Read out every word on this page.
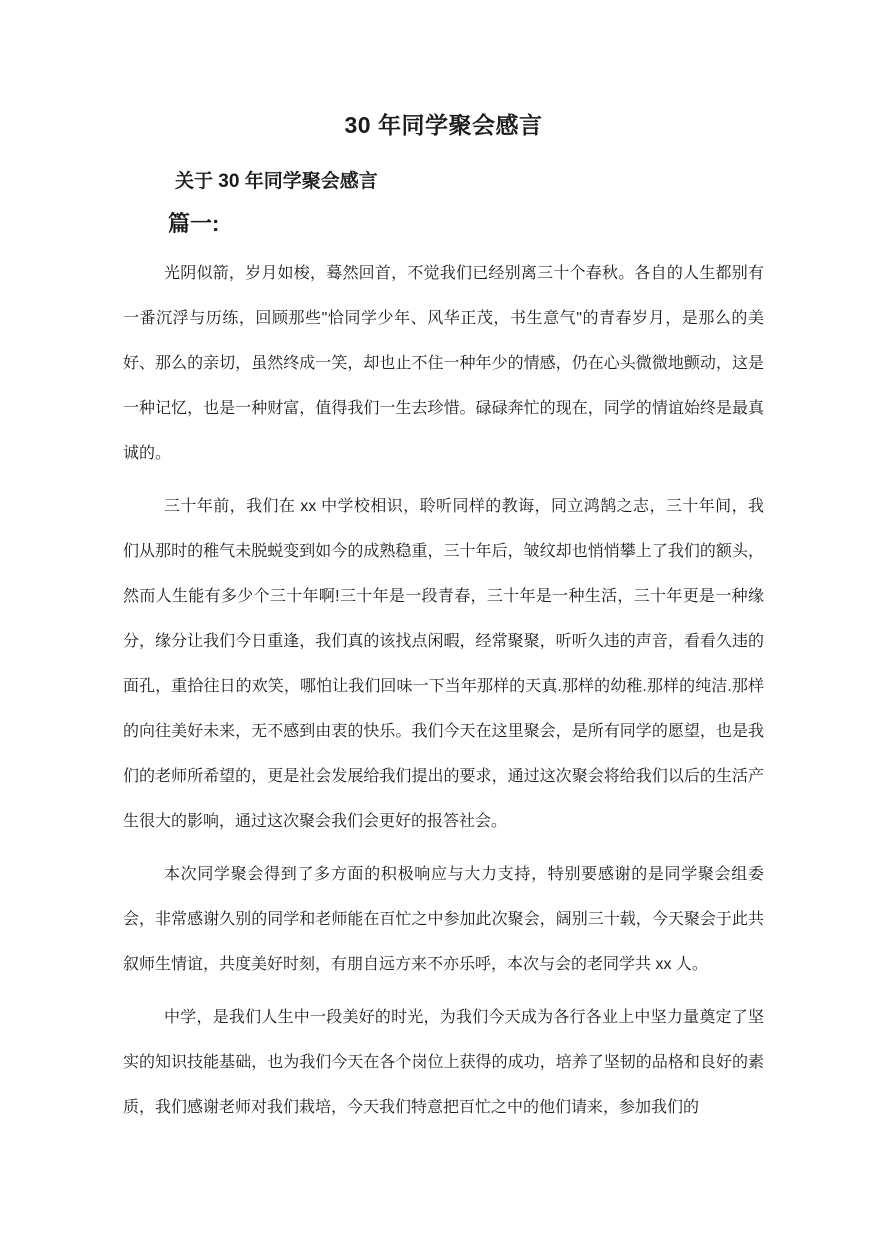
30 年同学聚会感言
关于 30 年同学聚会感言
篇一:

光阴似箭，岁月如梭，蓦然回首，不觉我们已经别离三十个春秋。各自的人生都别有一番沉浮与历练，回顾那些"恰同学少年、风华正茂，书生意气"的青春岁月，是那么的美好、那么的亲切，虽然终成一笑，却也止不住一种年少的情感，仍在心头微微地颤动，这是一种记忆，也是一种财富，值得我们一生去珍惜。碌碌奔忙的现在，同学的情谊始终是最真诚的。

三十年前，我们在 xx 中学校相识，聆听同样的教诲，同立鸿鹄之志，三十年间，我们从那时的稚气未脱蜕变到如今的成熟稳重，三十年后，皱纹却也悄悄攀上了我们的额头，然而人生能有多少个三十年啊!三十年是一段青春，三十年是一种生活，三十年更是一种缘分，缘分让我们今日重逢，我们真的该找点闲暇，经常聚聚，听听久违的声音，看看久违的面孔，重拾往日的欢笑，哪怕让我们回味一下当年那样的天真.那样的幼稚.那样的纯洁.那样的向往美好未来，无不感到由衷的快乐。我们今天在这里聚会，是所有同学的愿望，也是我们的老师所希望的，更是社会发展给我们提出的要求，通过这次聚会将给我们以后的生活产生很大的影响，通过这次聚会我们会更好的报答社会。

本次同学聚会得到了多方面的积极响应与大力支持，特别要感谢的是同学聚会组委会，非常感谢久别的同学和老师能在百忙之中参加此次聚会，阔别三十载，今天聚会于此共叙师生情谊，共度美好时刻，有朋自远方来不亦乐呼，本次与会的老同学共 xx 人。

中学，是我们人生中一段美好的时光，为我们今天成为各行各业上中坚力量奠定了坚实的知识技能基础，也为我们今天在各个岗位上获得的成功，培养了坚韧的品格和良好的素质，我们感谢老师对我们栽培，今天我们特意把百忙之中的他们请来，参加我们的
